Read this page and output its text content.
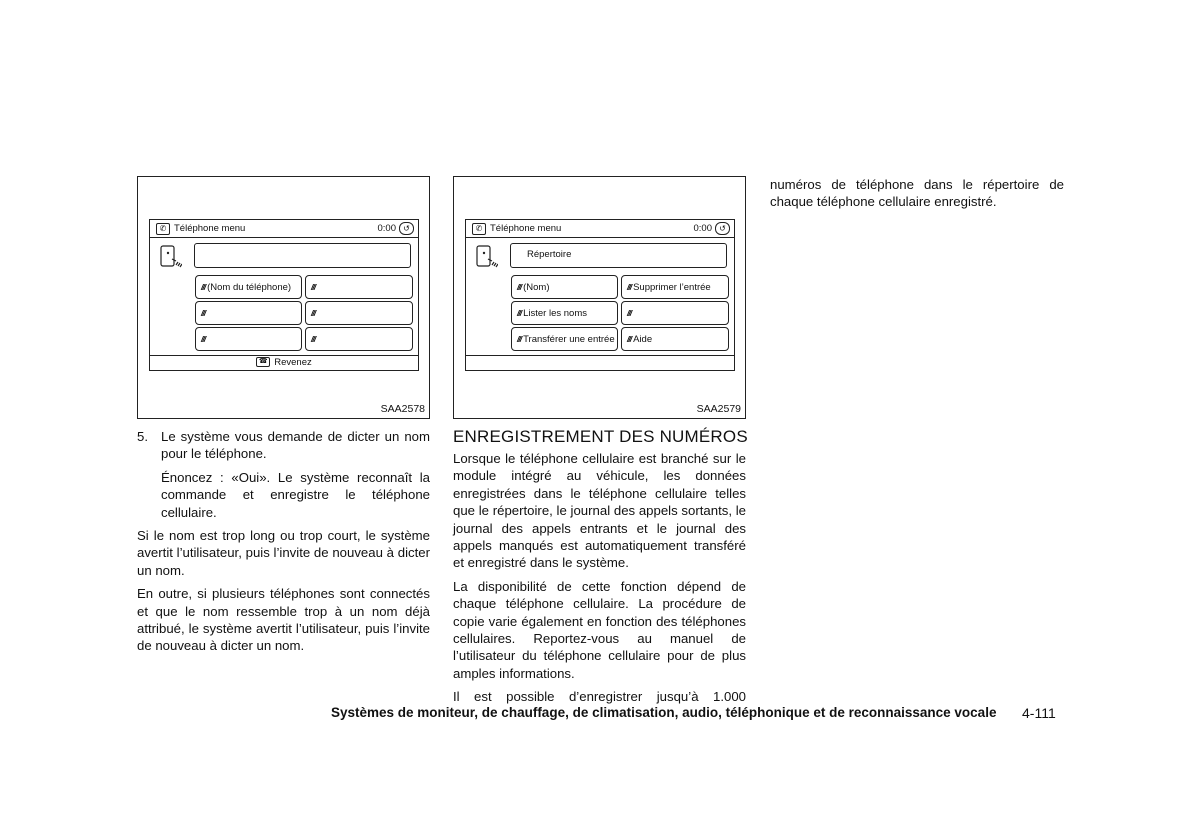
✆ Téléphone menu	0:00 ↺
/// (Nom du téléphone)	///
///	///
///	///
☎ Revenez
SAA2578
✆ Téléphone menu	0:00 ↺
Répertoire
/// (Nom)	/// Supprimer l’entrée
/// Lister les noms	///
/// Transférer une entrée	/// Aide
SAA2579
5. Le système vous demande de dicter un nom pour le téléphone.

Énoncez : «Oui». Le système reconnaît la commande et enregistre le téléphone cellulaire.

Si le nom est trop long ou trop court, le système avertit l’utilisateur, puis l’invite de nouveau à dicter un nom.

En outre, si plusieurs téléphones sont connectés et que le nom ressemble trop à un nom déjà attribué, le système avertit l’utilisateur, puis l’invite de nouveau à dicter un nom.

ENREGISTREMENT DES NUMÉROS

Lorsque le téléphone cellulaire est branché sur le module intégré au véhicule, les données enregistrées dans le téléphone cellulaire telles que le répertoire, le journal des appels sortants, le journal des appels entrants et le journal des appels manqués est automatiquement transféré et enregistré dans le système.

La disponibilité de cette fonction dépend de chaque téléphone cellulaire. La procédure de copie varie également en fonction des téléphones cellulaires. Reportez-vous au manuel de l’utilisateur du téléphone cellulaire pour de plus amples informations.

Il est possible d’enregistrer jusqu’à 1.000

numéros de téléphone dans le répertoire de chaque téléphone cellulaire enregistré.

Systèmes de moniteur, de chauffage, de climatisation, audio, téléphonique et de reconnaissance vocale 4-111
